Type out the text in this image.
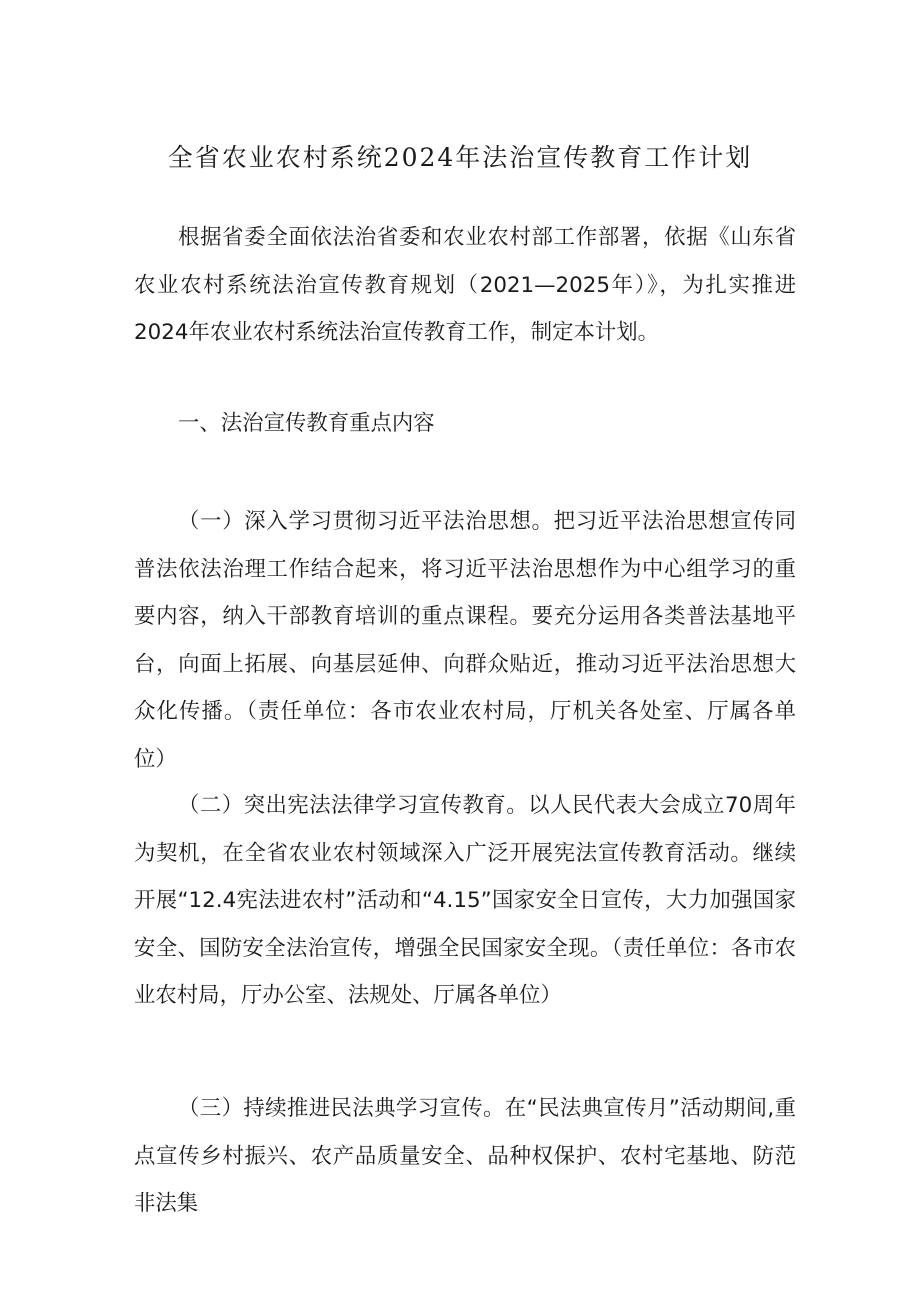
全省农业农村系统2024年法治宣传教育工作计划

根据省委全面依法治省委和农业农村部工作部署，依据《山东省农业农村系统法治宣传教育规划（2021—2025年）》，为扎实推进2024年农业农村系统法治宣传教育工作，制定本计划。

一、法治宣传教育重点内容

（一）深入学习贯彻习近平法治思想。把习近平法治思想宣传同普法依法治理工作结合起来，将习近平法治思想作为中心组学习的重要内容，纳入干部教育培训的重点课程。要充分运用各类普法基地平台，向面上拓展、向基层延伸、向群众贴近，推动习近平法治思想大众化传播。（责任单位：各市农业农村局，厅机关各处室、厅属各单位）

（二）突出宪法法律学习宣传教育。以人民代表大会成立70周年为契机，在全省农业农村领域深入广泛开展宪法宣传教育活动。继续开展“12.4宪法进农村”活动和“4.15”国家安全日宣传，大力加强国家安全、国防安全法治宣传，增强全民国家安全现。（责任单位：各市农业农村局，厅办公室、法规处、厅属各单位）

（三）持续推进民法典学习宣传。在“民法典宣传月”活动期间,重点宣传乡村振兴、农产品质量安全、品种权保护、农村宅基地、防范非法集
